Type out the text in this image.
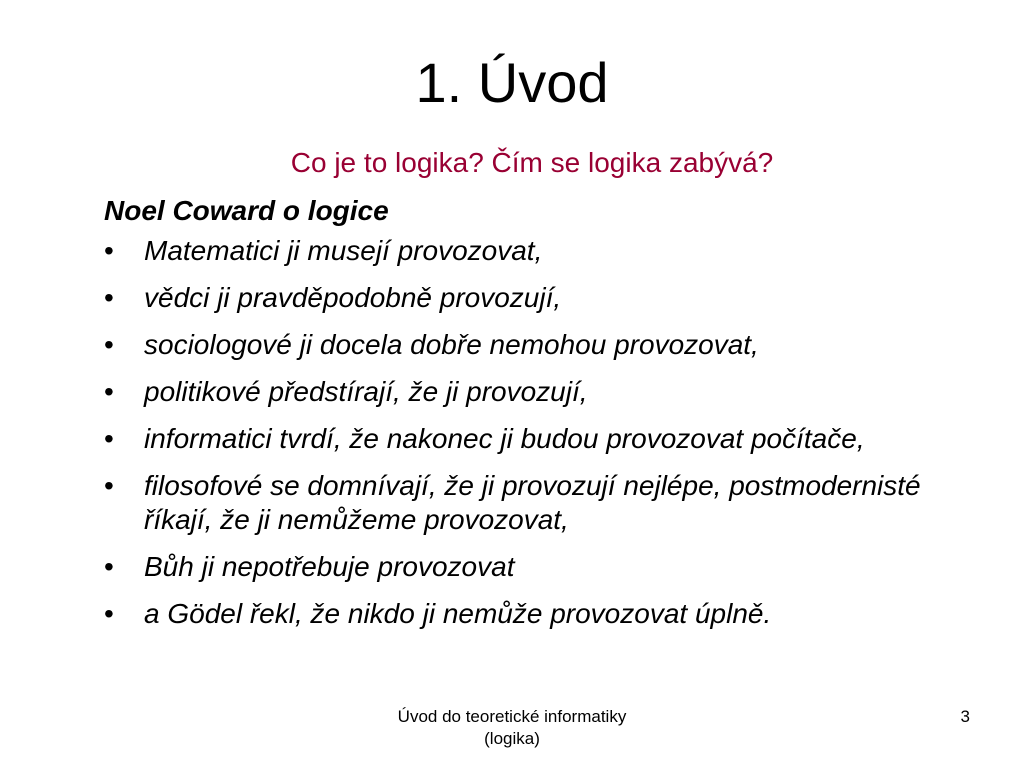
1. Úvod
Co je to logika? Čím se logika zabývá?
Noel Coward o logice
• Matematici ji musejí provozovat,
• vědci ji pravděpodobně provozují,
• sociologové ji docela dobře nemohou provozovat,
• politikové předstírají, že ji provozují,
• informatici tvrdí, že nakonec ji budou provozovat počítače,
• filosofové se domnívají, že ji provozují nejlépe, postmodernisté říkají, že ji nemůžeme provozovat,
• Bůh ji nepotřebuje provozovat
• a Gödel řekl, že nikdo ji nemůže provozovat úplně.
Úvod do teoretické informatiky
(logika)
3
